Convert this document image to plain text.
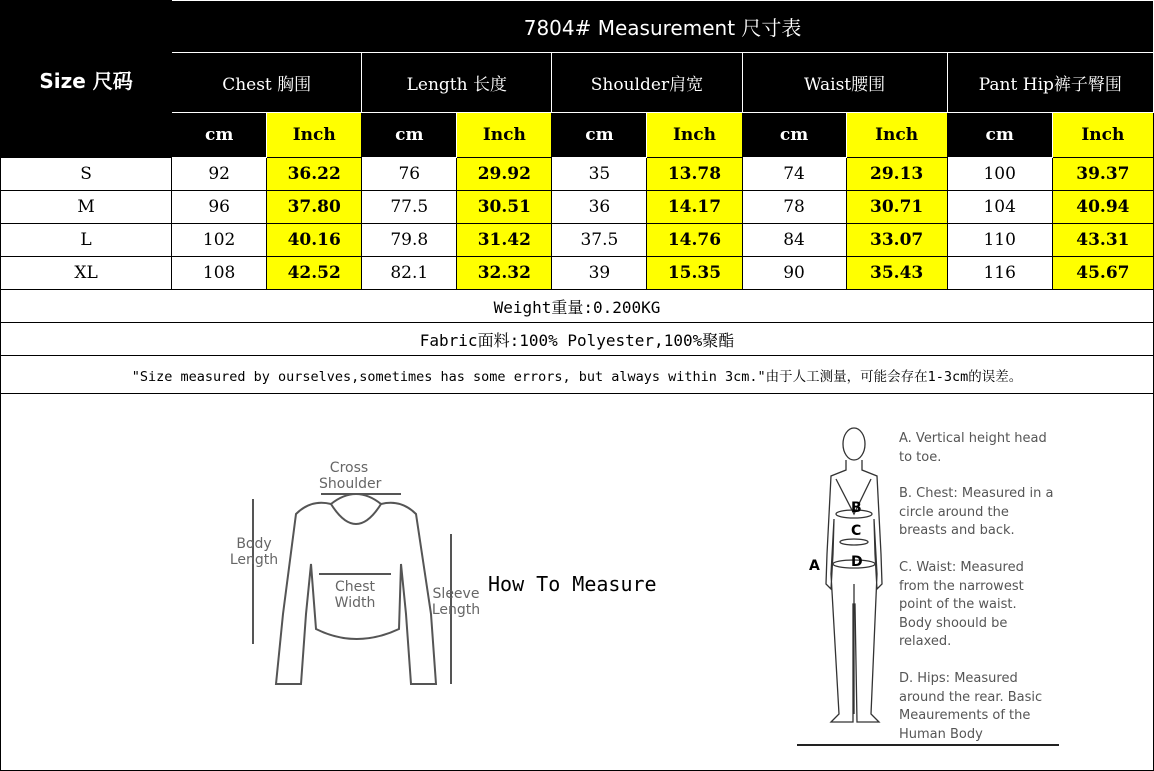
Size 尺码	7804# Measurement 尺寸表									
	Chest 胸围		Length 长度		Shoulder肩宽		Waist腰围		Pant Hip裤子臀围	
	cm	Inch	cm	Inch	cm	Inch	cm	Inch	cm	Inch
S	92	36.22	76	29.92	35	13.78	74	29.13	100	39.37
M	96	37.80	77.5	30.51	36	14.17	78	30.71	104	40.94
L	102	40.16	79.8	31.42	37.5	14.76	84	33.07	110	43.31
XL	108	42.52	82.1	32.32	39	15.35	90	35.43	116	45.67
Weight重量:0.200KG										
Fabric面料:100% Polyester,100%聚酯										
"Size measured by ourselves,sometimes has some errors, but always within 3cm."由于人工测量，可能会存在1-3cm的误差。										
Cross Shoulder
Body Length
Chest Width
Sleeve Length
How To Measure
A
B
C
D
A. Vertical height head to toe.
B. Chest: Measured in a circle around the breasts and back.
C. Waist: Measured from the narrowest point of the waist. Body shoould be relaxed.
D. Hips: Measured around the rear. Basic Meaurements of the Human Body
